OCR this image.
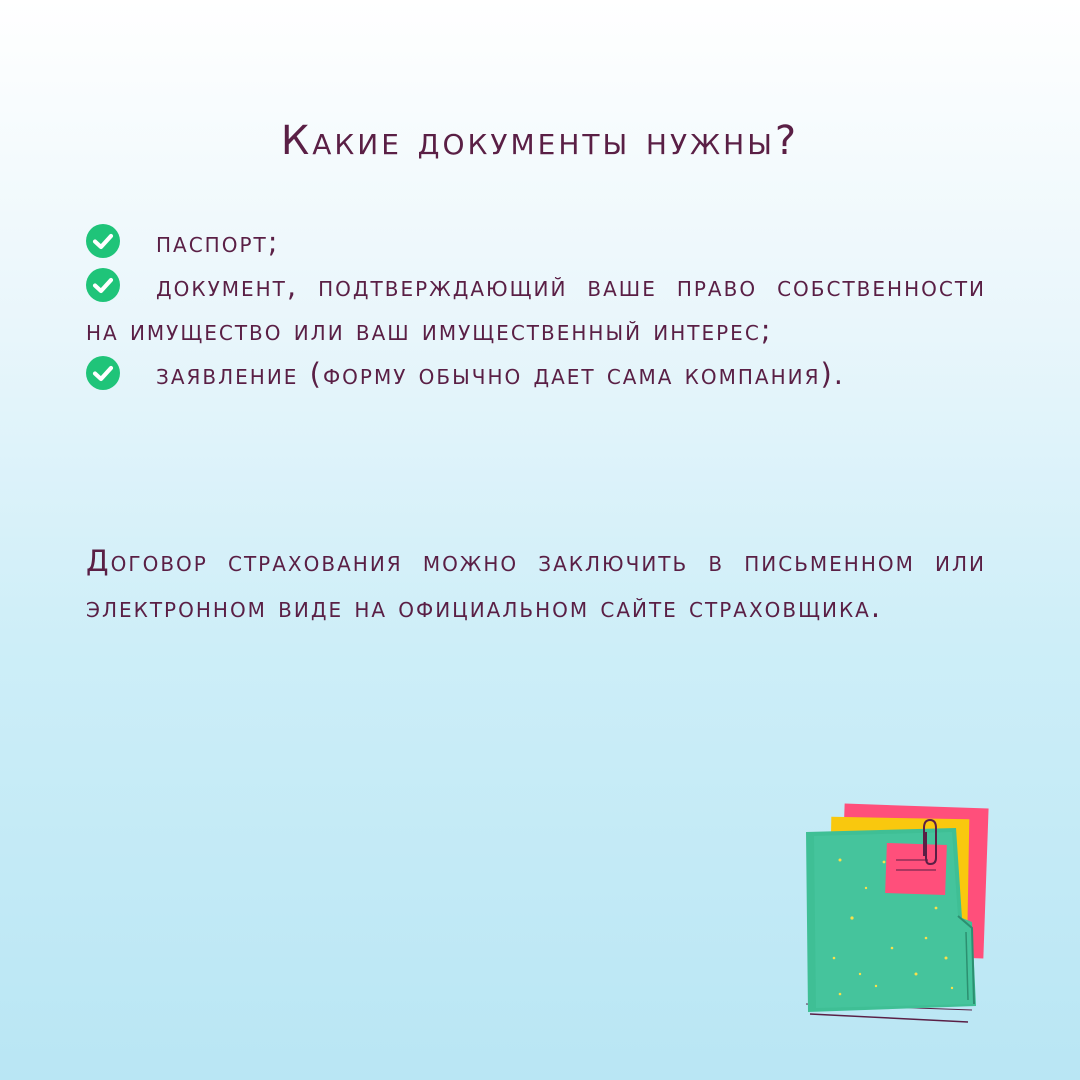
Какие документы нужны?
паспорт;
документ, подтверждающий ваше право собственности на имущество или ваш имущественный интерес;
заявление (форму обычно дает сама компания).

Договор страхования можно заключить в письменном или электронном виде на официальном сайте страховщика.
